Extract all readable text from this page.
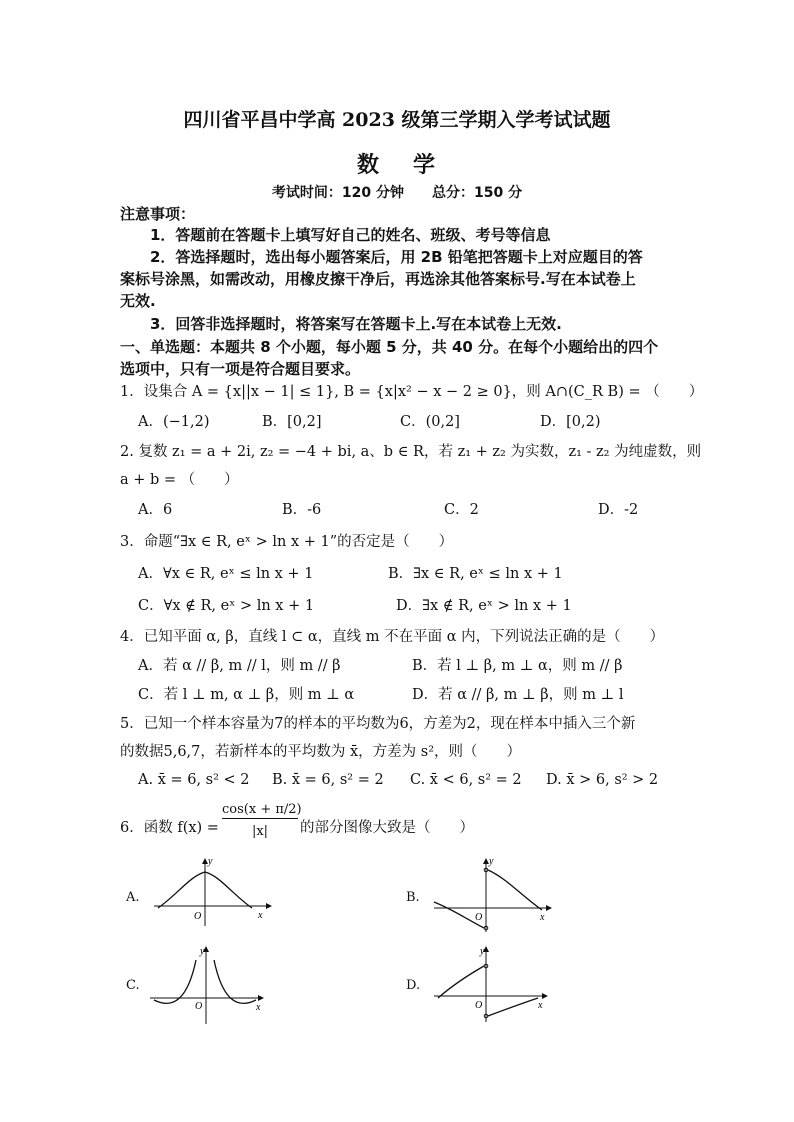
四川省平昌中学高 2023 级第三学期入学考试试题
数 学
考试时间：120 分钟 总分：150 分
注意事项：
1．答题前在答题卡上填写好自己的姓名、班级、考号等信息
2．答选择题时，选出每小题答案后，用 2B 铅笔把答题卡上对应题目的答
案标号涂黑，如需改动，用橡皮擦干净后，再选涂其他答案标号.写在本试卷上
无效.
3．回答非选择题时，将答案写在答题卡上.写在本试卷上无效.
一、单选题：本题共 8 个小题，每小题 5 分，共 40 分。在每个小题给出的四个
选项中，只有一项是符合题目要求。
1．设集合 A = {x||x − 1| ≤ 1}, B = {x|x² − x − 2 ≥ 0}，则 A∩(C_R B) = （　　）
A．(−1,2)	B．[0,2]	C．(0,2]	D．[0,2)
2. 复数 z₁ = a + 2i, z₂ = −4 + bi, a、b ∈ R，若 z₁ + z₂ 为实数，z₁ - z₂ 为纯虚数，则
a + b = （　　）
A．6	B．-6	C．2	D．-2
3．命题“∃x ∈ R, eˣ > ln x + 1”的否定是（　　）
A．∀x ∈ R, eˣ ≤ ln x + 1	B．∃x ∈ R, eˣ ≤ ln x + 1
C．∀x ∉ R, eˣ > ln x + 1	D．∃x ∉ R, eˣ > ln x + 1
4．已知平面 α, β，直线 l ⊂ α，直线 m 不在平面 α 内，下列说法正确的是（　　）
A．若 α // β, m // l，则 m // β	B．若 l ⊥ β, m ⊥ α，则 m // β
C．若 l ⊥ m, α ⊥ β，则 m ⊥ α	D．若 α // β, m ⊥ β，则 m ⊥ l
5．已知一个样本容量为7的样本的平均数为6，方差为2，现在样本中插入三个新
的数据5,6,7，若新样本的平均数为 x̄，方差为 s²，则（　　）
A. x̄ = 6, s² < 2 B. x̄ = 6, s² = 2 C. x̄ < 6, s² = 2 D. x̄ > 6, s² > 2
6．函数 f(x) =
cos(x + π/2)
|x|	的部分图像大致是（　　）
A.
y
x
O
B.
y
x
O
C.
y
x
O
D.
y
x
O
